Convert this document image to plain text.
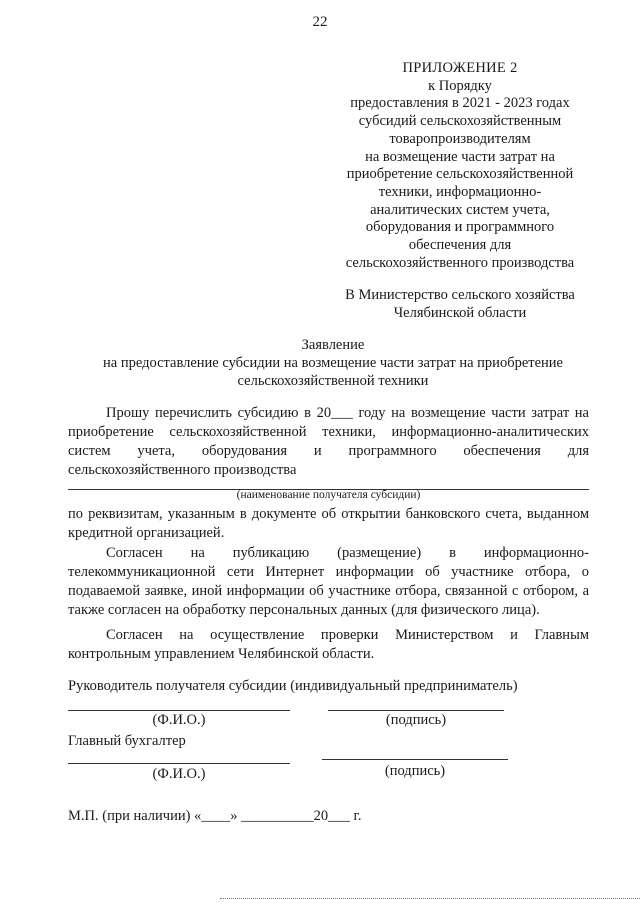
22
ПРИЛОЖЕНИЕ 2
к Порядку
предоставления в 2021 - 2023 годах
субсидий сельскохозяйственным
товаропроизводителям
на возмещение части затрат на
приобретение сельскохозяйственной
техники, информационно-
аналитических систем учета,
оборудования и программного
обеспечения для
сельскохозяйственного производства
В Министерство сельского хозяйства
Челябинской области
Заявление
на предоставление субсидии на возмещение части затрат на приобретение
сельскохозяйственной техники
Прошу перечислить субсидию в 20___ году на возмещение части затрат на приобретение сельскохозяйственной техники, информационно-аналитических систем учета, оборудования и программного обеспечения для сельскохозяйственного производства
(наименование получателя субсидии)
по реквизитам, указанным в документе об открытии банковского счета, выданном кредитной организацией.
Согласен на публикацию (размещение) в информационно-телекоммуникационной сети Интернет информации об участнике отбора, о подаваемой заявке, иной информации об участнике отбора, связанной с отбором, а также согласен на обработку персональных данных (для физического лица).
Согласен на осуществление проверки Министерством и Главным контрольным управлением Челябинской области.
Руководитель получателя субсидии (индивидуальный предприниматель)
(Ф.И.О.)	(подпись)
Главный бухгалтер
(Ф.И.О.)	(подпись)
М.П. (при наличии) «____» __________20___ г.
